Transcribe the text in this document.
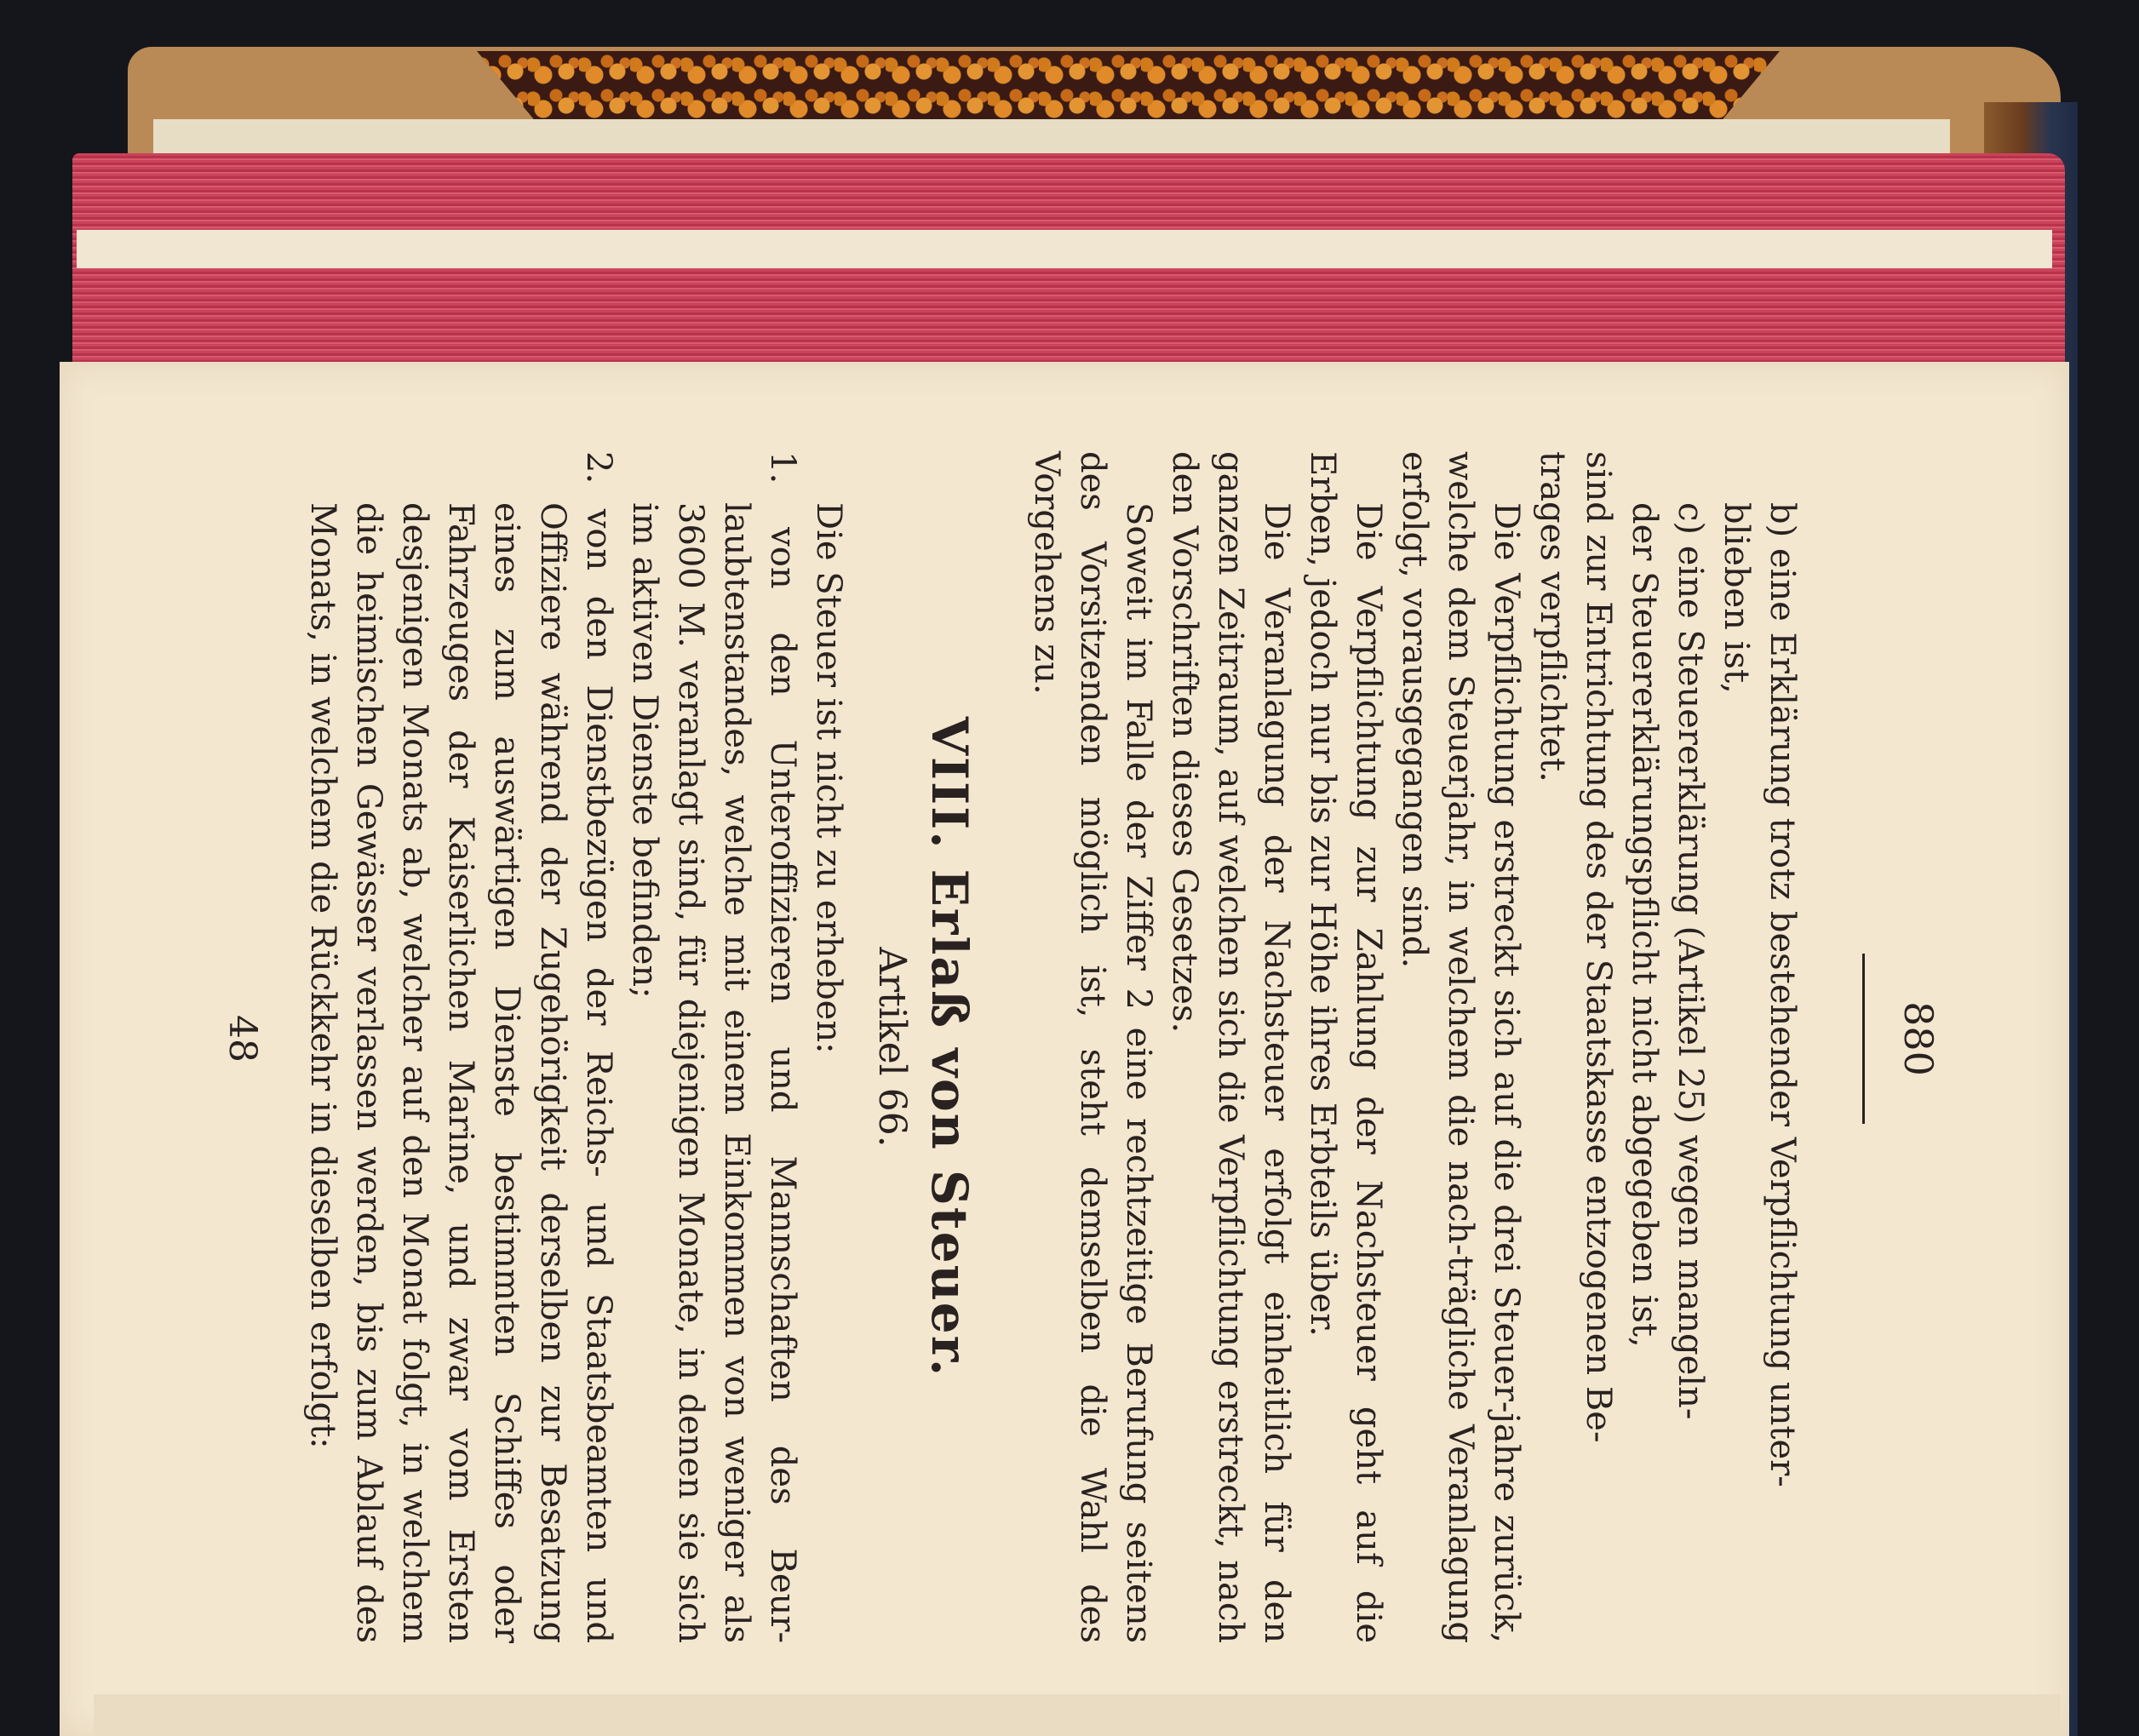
880

b) eine Erklärung trotz bestehender Verpflichtung unter-

blieben ist,

c) eine Steuererklärung (Artikel 25) wegen mangeln-

der Steuererklärungspflicht nicht abgegeben ist,

sind zur Entrichtung des der Staatskasse entzogenen Be-

trages verpflichtet.

Die Verpflichtung erstreckt sich auf die drei Steuer-jahre zurück, welche dem Steuerjahr, in welchem die nach-trägliche Veranlagung erfolgt, vorausgegangen sind.

Die Verpflichtung zur Zahlung der Nachsteuer geht auf die Erben, jedoch nur bis zur Höhe ihres Erbteils über.

Die Veranlagung der Nachsteuer erfolgt einheitlich für den ganzen Zeitraum, auf welchen sich die Verpflichtung erstreckt, nach den Vorschriften dieses Gesetzes.

Soweit im Falle der Ziffer 2 eine rechtzeitige Berufung seitens des Vorsitzenden möglich ist, steht demselben die Wahl des Vorgehens zu.

VIII. Erlaß von Steuer.
Artikel 66.

Die Steuer ist nicht zu erheben:

1. von den Unteroffizieren und Mannschaften des Beur-laubtenstandes, welche mit einem Einkommen von weniger als 3600 M. veranlagt sind, für diejenigen Monate, in denen sie sich im aktiven Dienste befinden;

2. von den Dienstbezügen der Reichs- und Staatsbeamten und Offiziere während der Zugehörigkeit derselben zur Besatzung eines zum auswärtigen Dienste bestimmten Schiffes oder Fahrzeuges der Kaiserlichen Marine, und zwar vom Ersten desjenigen Monats ab, welcher auf den Monat folgt, in welchem die heimischen Gewässer verlassen werden, bis zum Ablauf des Monats, in welchem die Rückkehr in dieselben erfolgt:

48
